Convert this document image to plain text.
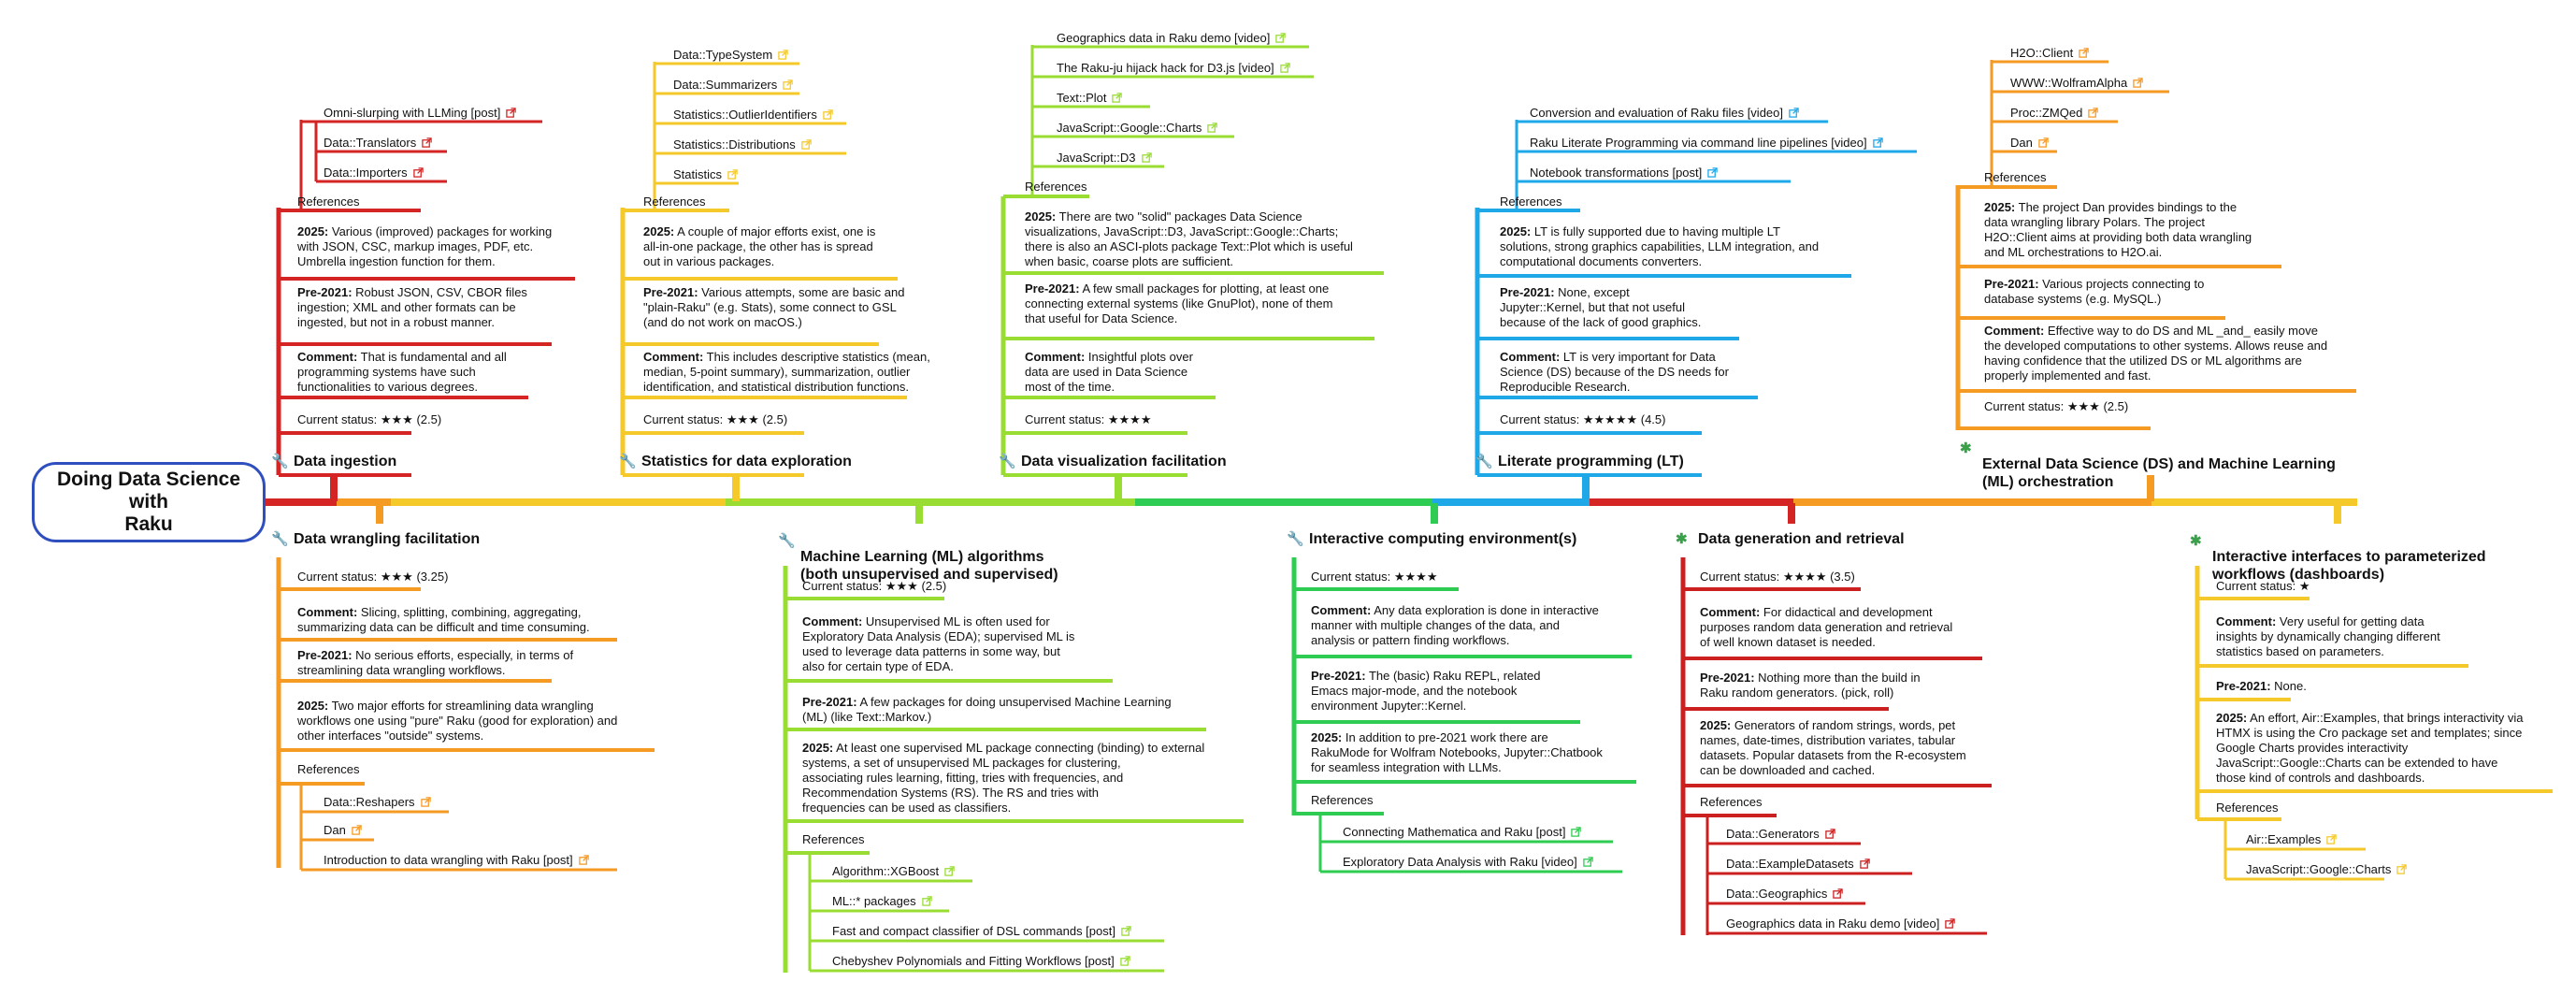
Doing Data Science
with
Raku
🔧 Data ingestion
Current status: ★★★ (2.5)
Comment: That is fundamental and all
programming systems have such
functionalities to various degrees.
Pre-2021: Robust JSON, CSV, CBOR files
ingestion; XML and other formats can be
ingested, but not in a robust manner.
2025: Various (improved) packages for working
with JSON, CSC, markup images, PDF, etc.
Umbrella ingestion function for them.
References
Omni-slurping with LLMing [post]
Data::Translators
Data::Importers
🔧 Statistics for data exploration
Current status: ★★★ (2.5)
Comment: This includes descriptive statistics (mean,
median, 5-point summary), summarization, outlier
identification, and statistical distribution functions.
Pre-2021: Various attempts, some are basic and
"plain-Raku" (e.g. Stats), some connect to GSL
(and do not work on macOS.)
2025: A couple of major efforts exist, one is
all-in-one package, the other has is spread
out in various packages.
References
Data::TypeSystem
Data::Summarizers
Statistics::OutlierIdentifiers
Statistics::Distributions
Statistics
🔧 Data visualization facilitation
Current status: ★★★★
Comment: Insightful plots over
data are used in Data Science
most of the time.
Pre-2021: A few small packages for plotting, at least one
connecting external systems (like GnuPlot), none of them
that useful for Data Science.
2025: There are two "solid" packages Data Science
visualizations, JavaScript::D3, JavaScript::Google::Charts;
there is also an ASCI-plots package Text::Plot which is useful
when basic, coarse plots are sufficient.
References
Geographics data in Raku demo [video]
The Raku-ju hijack hack for D3.js [video]
Text::Plot
JavaScript::Google::Charts
JavaScript::D3
🔧 Literate programming (LT)
Current status: ★★★★★ (4.5)
Comment: LT is very important for Data
Science (DS) because of the DS needs for
Reproducible Research.
Pre-2021: None, except
Jupyter::Kernel, but that not useful
because of the lack of good graphics.
2025: LT is fully supported due to having multiple LT
solutions, strong graphics capabilities, LLM integration, and
computational documents converters.
References
Conversion and evaluation of Raku files [video]
Raku Literate Programming via command line pipelines [video]
Notebook transformations [post]

✱
External Data Science (DS) and Machine Learning
(ML) orchestration

Current status: ★★★ (2.5)
Comment: Effective way to do DS and ML _and_ easily move
the developed computations to other systems. Allows reuse and
having confidence that the utilized DS or ML algorithms are
properly implemented and fast.
Pre-2021: Various projects connecting to
database systems (e.g. MySQL.)
2025: The project Dan provides bindings to the
data wrangling library Polars. The project
H2O::Client aims at providing both data wrangling
and ML orchestrations to H2O.ai.
References
H2O::Client
WWW::WolframAlpha
Proc::ZMQed
Dan
🔧 Data wrangling facilitation
Current status: ★★★ (3.25)
Comment: Slicing, splitting, combining, aggregating,
summarizing data can be difficult and time consuming.
Pre-2021: No serious efforts, especially, in terms of
streamlining data wrangling workflows.
2025: Two major efforts for streamlining data wrangling
workflows one using "pure" Raku (good for exploration) and
other interfaces "outside" systems.
References
Data::Reshapers
Dan
Introduction to data wrangling with Raku [post]

🔧
Machine Learning (ML) algorithms
(both unsupervised and supervised)

Current status: ★★★ (2.5)
Comment: Unsupervised ML is often used for
Exploratory Data Analysis (EDA); supervised ML is
used to leverage data patterns in some way, but
also for certain type of EDA.
Pre-2021: A few packages for doing unsupervised Machine Learning
(ML) (like Text::Markov.)
2025: At least one supervised ML package connecting (binding) to external
systems, a set of unsupervised ML packages for clustering,
associating rules learning, fitting, tries with frequencies, and
Recommendation Systems (RS). The RS and tries with
frequencies can be used as classifiers.
References
Algorithm::XGBoost
ML::* packages
Fast and compact classifier of DSL commands [post]
Chebyshev Polynomials and Fitting Workflows [post]
🔧 Interactive computing environment(s)
Current status: ★★★★
Comment: Any data exploration is done in interactive
manner with multiple changes of the data, and
analysis or pattern finding workflows.
Pre-2021: The (basic) Raku REPL, related
Emacs major-mode, and the notebook
environment Jupyter::Kernel.
2025: In addition to pre-2021 work there are
RakuMode for Wolfram Notebooks, Jupyter::Chatbook
for seamless integration with LLMs.
References
Connecting Mathematica and Raku [post]
Exploratory Data Analysis with Raku [video]
✱ Data generation and retrieval
Current status: ★★★★ (3.5)
Comment: For didactical and development
purposes random data generation and retrieval
of well known dataset is needed.
Pre-2021: Nothing more than the build in
Raku random generators. (pick, roll)
2025: Generators of random strings, words, pet
names, date-times, distribution variates, tabular
datasets. Popular datasets from the R-ecosystem
can be downloaded and cached.
References
Data::Generators
Data::ExampleDatasets
Data::Geographics
Geographics data in Raku demo [video]

✱
Interactive interfaces to parameterized
workflows (dashboards)

Current status: ★
Comment: Very useful for getting data
insights by dynamically changing different
statistics based on parameters.
Pre-2021: None.
2025: An effort, Air::Examples, that brings interactivity via
HTMX is using the Cro package set and templates; since
Google Charts provides interactivity
JavaScript::Google::Charts can be extended to have
those kind of controls and dashboards.
References
Air::Examples
JavaScript::Google::Charts
